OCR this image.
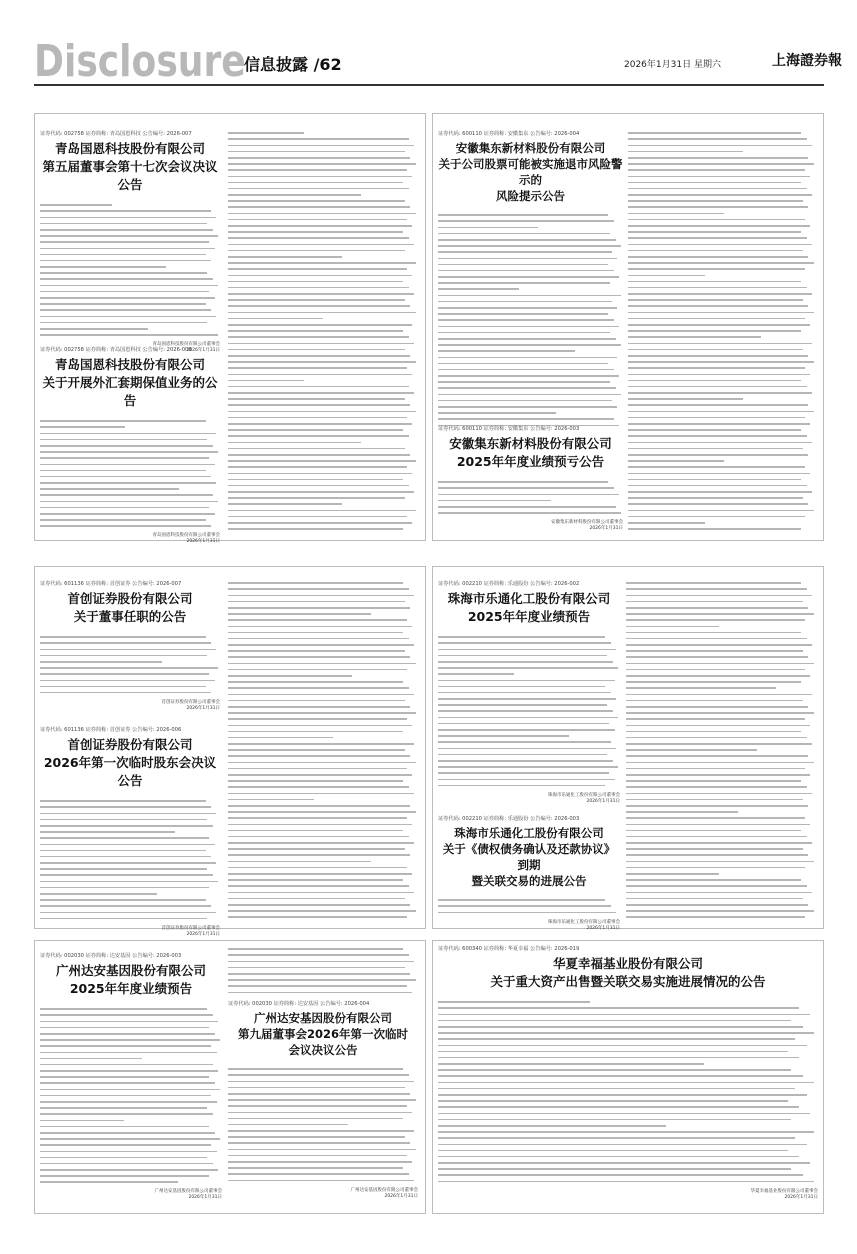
Disclosure
信息披露 /62	2026年1月31日 星期六	上海證券報
证券代码: 002758 证券简称: 青岛国恩科技 公告编号: 2026-007
青岛国恩科技股份有限公司
第五届董事会第十七次会议决议公告
青岛国恩科技股份有限公司董事会
2026年1月31日
证券代码: 002758 证券简称: 青岛国恩科技 公告编号: 2026-008
青岛国恩科技股份有限公司
关于开展外汇套期保值业务的公告
青岛国恩科技股份有限公司董事会
2026年1月31日
证券代码: 600110 证券简称: 安徽集东 公告编号: 2026-004
安徽集东新材料股份有限公司
关于公司股票可能被实施退市风险警示的
风险提示公告
证券代码: 600110 证券简称: 安徽集东 公告编号: 2026-003
安徽集东新材料股份有限公司
2025年年度业绩预亏公告
安徽集东新材料股份有限公司董事会
2026年1月31日
证券代码: 601136 证券简称: 首创证券 公告编号: 2026-007
首创证券股份有限公司
关于董事任职的公告
首创证券股份有限公司董事会
2026年1月31日
证券代码: 601136 证券简称: 首创证券 公告编号: 2026-006
首创证券股份有限公司
2026年第一次临时股东会决议公告
首创证券股份有限公司董事会
2026年1月31日
证券代码: 002210 证券简称: 乐通股份 公告编号: 2026-002
珠海市乐通化工股份有限公司
2025年年度业绩预告
珠海市乐通化工股份有限公司董事会
2026年1月31日
证券代码: 002210 证券简称: 乐通股份 公告编号: 2026-003
珠海市乐通化工股份有限公司
关于《债权债务确认及还款协议》到期
暨关联交易的进展公告
珠海市乐通化工股份有限公司董事会
2026年1月31日
证券代码: 002030 证券简称: 达安基因 公告编号: 2026-003
广州达安基因股份有限公司
2025年年度业绩预告
广州达安基因股份有限公司董事会
2026年1月31日
证券代码: 002030 证券简称: 达安基因 公告编号: 2026-004
广州达安基因股份有限公司
第九届董事会2026年第一次临时
会议决议公告
广州达安基因股份有限公司董事会
2026年1月31日
证券代码: 600340 证券简称: 华夏幸福 公告编号: 2026-019
华夏幸福基业股份有限公司
关于重大资产出售暨关联交易实施进展情况的公告
华夏幸福基业股份有限公司董事会
2026年1月31日
